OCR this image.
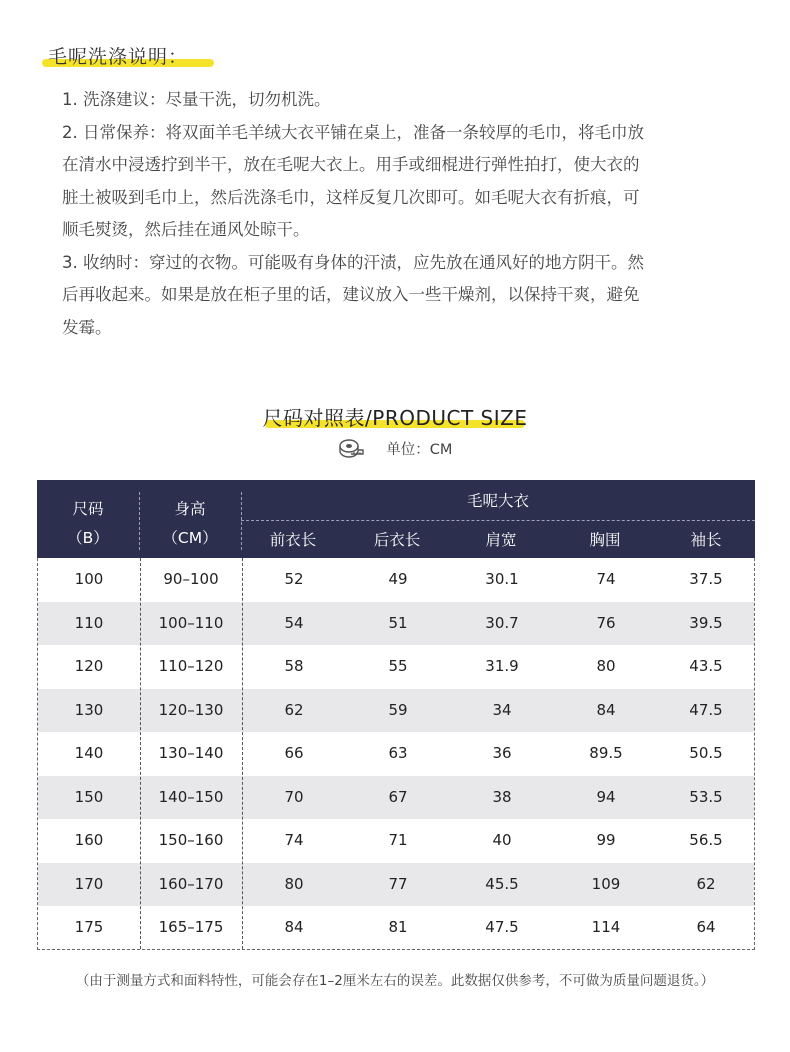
毛呢洗涤说明：

1. 洗涤建议：尽量干洗，切勿机洗。

2. 日常保养：将双面羊毛羊绒大衣平铺在桌上，准备一条较厚的毛巾，将毛巾放

在清水中浸透拧到半干，放在毛呢大衣上。用手或细棍进行弹性拍打，使大衣的

脏土被吸到毛巾上，然后洗涤毛巾，这样反复几次即可。如毛呢大衣有折痕，可

顺毛熨烫，然后挂在通风处晾干。

3. 收纳时：穿过的衣物。可能吸有身体的汗渍，应先放在通风好的地方阴干。然

后再收起来。如果是放在柜子里的话，建议放入一些干燥剂，以保持干爽，避免

发霉。

尺码对照表/PRODUCT SIZE
单位：CM
尺码
（B）
身高
（CM）
毛呢大衣
前衣长	后衣长	肩宽	胸围	袖长
100	90–100	52	49	30.1	74	37.5
110	100–110	54	51	30.7	76	39.5
120	110–120	58	55	31.9	80	43.5
130	120–130	62	59	34	84	47.5
140	130–140	66	63	36	89.5	50.5
150	140–150	70	67	38	94	53.5
160	150–160	74	71	40	99	56.5
170	160–170	80	77	45.5	109	62
175	165–175	84	81	47.5	114	64
（由于测量方式和面料特性，可能会存在1–2厘米左右的误差。此数据仅供参考，不可做为质量问题退货。）
